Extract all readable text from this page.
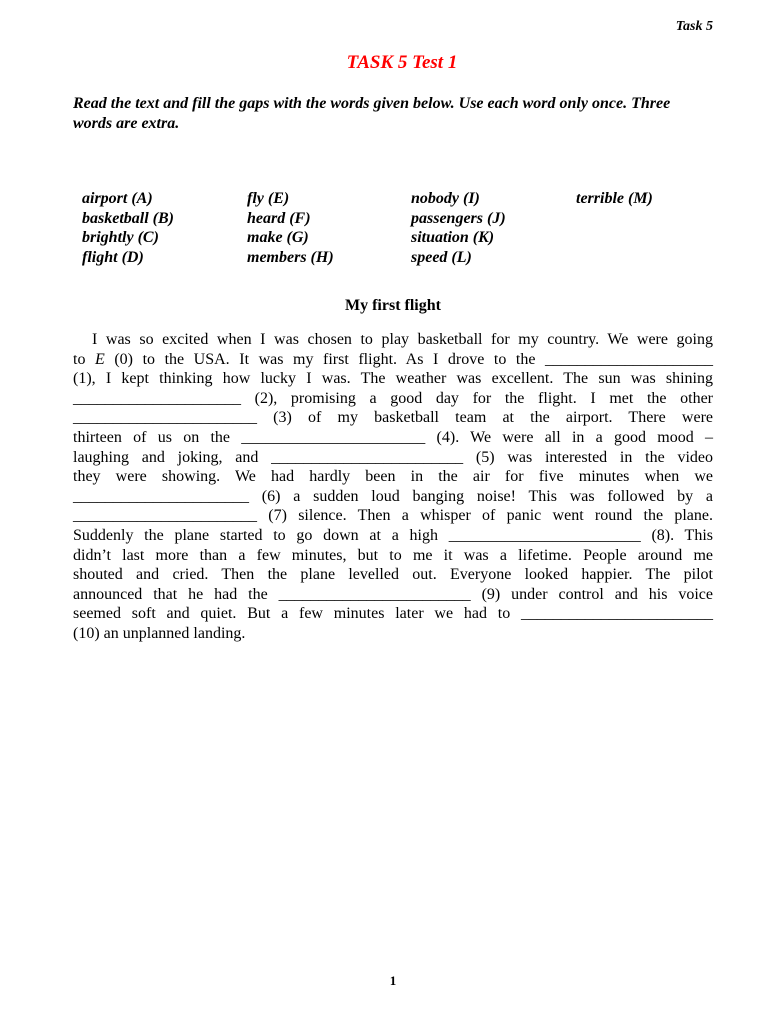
Task 5
TASK 5 Test 1
Read the text and fill the gaps with the words given below. Use each word only once. Three words are extra.
airport (A)
basketball (B)
brightly (C)
flight (D)
fly (E)
heard (F)
make (G)
members (H)
nobody (I)
passengers (J)
situation (K)
speed (L)
terrible (M)
My first flight
I was so excited when I was chosen to play basketball for my country. We were going
to E (0) to the USA. It was my first flight. As I drove to the _____________________
(1), I kept thinking how lucky I was. The weather was excellent. The sun was shining
_____________________ (2), promising a good day for the flight. I met the other
_______________________ (3) of my basketball team at the airport. There were
thirteen of us on the _______________________ (4). We were all in a good mood –
laughing and joking, and ________________________ (5) was interested in the video
they were showing. We had hardly been in the air for five minutes when we
______________________ (6) a sudden loud banging noise! This was followed by a
_______________________ (7) silence. Then a whisper of panic went round the plane.
Suddenly the plane started to go down at a high ________________________ (8). This
didn’t last more than a few minutes, but to me it was a lifetime. People around me
shouted and cried. Then the plane levelled out. Everyone looked happier. The pilot
announced that he had the ________________________ (9) under control and his voice
seemed soft and quiet. But a few minutes later we had to ________________________
(10) an unplanned landing.
1
